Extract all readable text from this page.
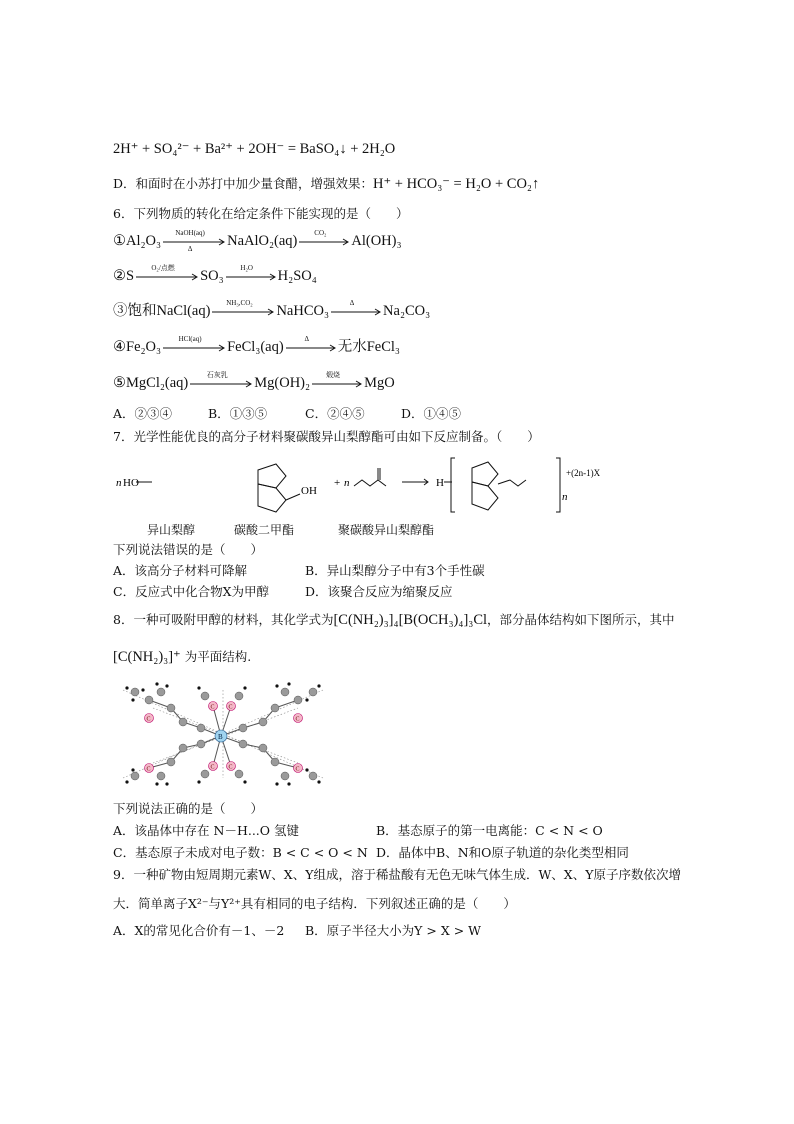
2H⁺ + SO₄²⁻ + Ba²⁺ + 2OH⁻ = BaSO₄↓ + 2H₂O
D．和面时在小苏打中加少量食醋，增强效果：H⁺ + HCO₃⁻ = H₂O + CO₂↑
6．下列物质的转化在给定条件下能实现的是（　　）
①Al₂O₃
NaOH(aq)
Δ	NaAlO₂(aq)
CO₂
Al(OH)₃
②S
O₂/点燃
SO₃
H₂O
H₂SO₄
③饱和NaCl(aq)
NH₃,CO₂
NaHCO₃
Δ
Na₂CO₃
④Fe₂O₃
HCl(aq)
FeCl₃(aq)
Δ
无水FeCl₃
⑤MgCl₂(aq)
石灰乳
Mg(OH)₂
煅烧
MgO
A．②③④	B．①③⑤	C．②④⑤	D．①④⑤
7．光学性能优良的高分子材料聚碳酸异山梨醇酯可由如下反应制备。（　　）
n HO
OH
+ n	H
n
+(2n-1)X
异山梨醇	碳酸二甲酯	聚碳酸异山梨醇酯
下列说法错误的是（　　）
A．该高分子材料可降解	B．异山梨醇分子中有3个手性碳
C．反应式中化合物X为甲醇	D．该聚合反应为缩聚反应
8．一种可吸附甲醇的材料，其化学式为[C(NH₂)₃]₄[B(OCH₃)₄]₃Cl，部分晶体结构如下图所示，其中
[C(NH₂)₃]⁺ 为平面结构.
C
C C
C
C	C C	C
B
下列说法正确的是（　　）
A．该晶体中存在 N－H...O 氢键	B．基态原子的第一电离能：C < N < O
C．基态原子未成对电子数：B < C < O < N D．晶体中B、N和O原子轨道的杂化类型相同
9．一种矿物由短周期元素W、X、Y组成，溶于稀盐酸有无色无味气体生成．W、X、Y原子序数依次增
大．简单离子X²⁻与Y²⁺具有相同的电子结构．下列叙述正确的是（　　）
A．X的常见化合价有－1、－2 B．原子半径大小为Y > X > W
